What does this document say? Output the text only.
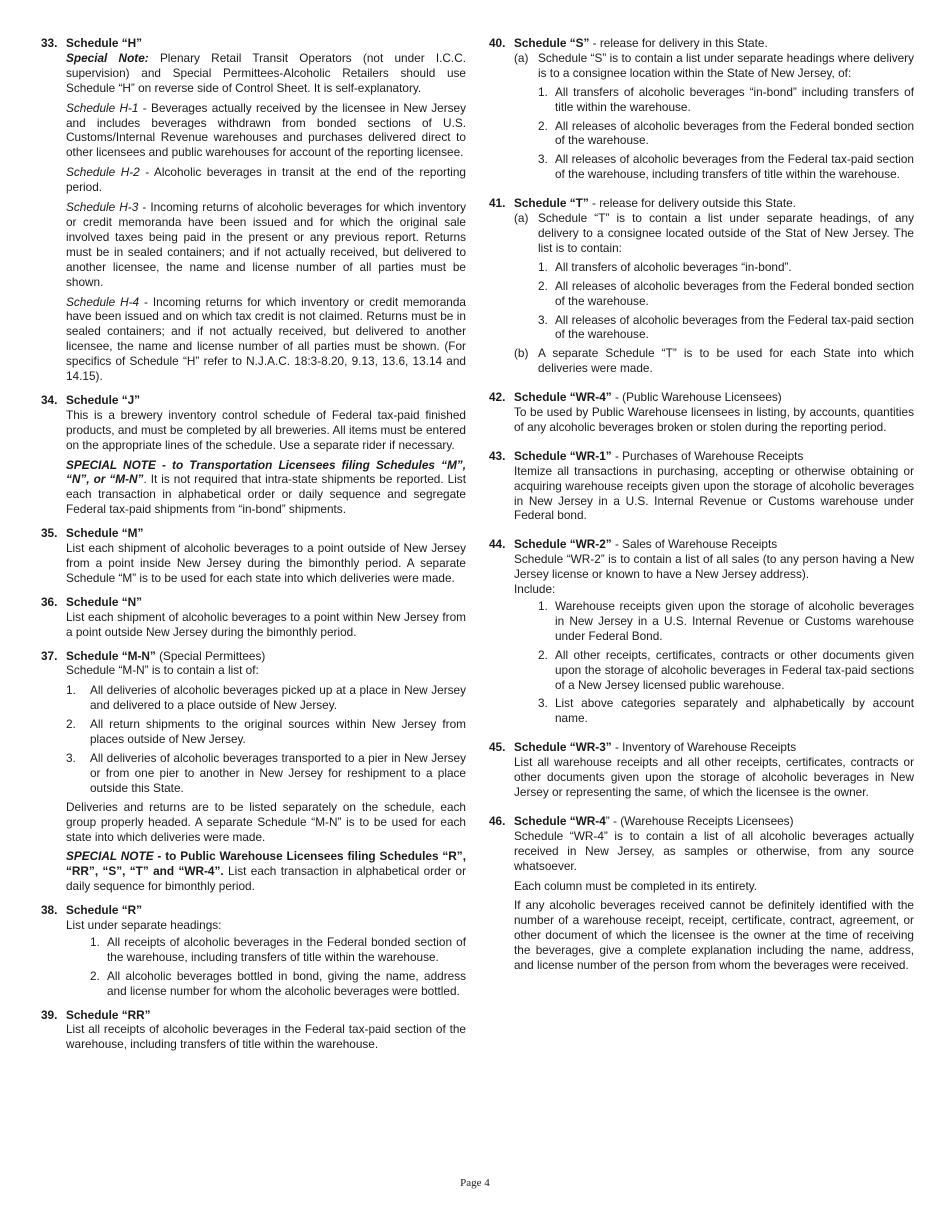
33. Schedule “H”

Special Note: Plenary Retail Transit Operators (not under I.C.C. supervision) and Special Permittees-Alcoholic Retailers should use Schedule “H” on reverse side of Control Sheet. It is self-explanatory.

Schedule H-1 - Beverages actually received by the licensee in New Jersey and includes beverages withdrawn from bonded sections of U.S. Customs/Internal Revenue warehouses and purchases delivered direct to other licensees and public warehouses for account of the reporting licensee.

Schedule H-2 - Alcoholic beverages in transit at the end of the reporting period.

Schedule H-3 - Incoming returns of alcoholic beverages for which inventory or credit memoranda have been issued and for which the original sale involved taxes being paid in the present or any previous report. Returns must be in sealed containers; and if not actually received, but delivered to another licensee, the name and license number of all parties must be shown.

Schedule H-4 - Incoming returns for which inventory or credit memoranda have been issued and on which tax credit is not claimed. Returns must be in sealed containers; and if not actually received, but delivered to another licensee, the name and license number of all parties must be shown. (For specifics of Schedule “H” refer to N.J.A.C. 18:3-8.20, 9.13, 13.6, 13.14 and 14.15).

34. Schedule “J”

This is a brewery inventory control schedule of Federal tax-paid finished products, and must be completed by all breweries. All items must be entered on the appropriate lines of the schedule. Use a separate rider if necessary.

SPECIAL NOTE - to Transportation Licensees filing Schedules “M”, “N”, or “M-N”. It is not required that intra-state shipments be reported. List each transaction in alphabetical order or daily sequence and segregate Federal tax-paid shipments from “in-bond” shipments.

35. Schedule “M”

List each shipment of alcoholic beverages to a point outside of New Jersey from a point inside New Jersey during the bimonthly period. A separate Schedule “M” is to be used for each state into which deliveries were made.

36. Schedule “N”

List each shipment of alcoholic beverages to a point within New Jersey from a point outside New Jersey during the bimonthly period.

37. Schedule “M-N” (Special Permittees)

Schedule “M-N” is to contain a list of:

1. All deliveries of alcoholic beverages picked up at a place in New Jersey and delivered to a place outside of New Jersey.
2. All return shipments to the original sources within New Jersey from places outside of New Jersey.
3. All deliveries of alcoholic beverages transported to a pier in New Jersey or from one pier to another in New Jersey for reshipment to a place outside this State.

Deliveries and returns are to be listed separately on the schedule, each group properly headed. A separate Schedule “M-N” is to be used for each state into which deliveries were made.

SPECIAL NOTE - to Public Warehouse Licensees filing Schedules “R”, “RR”, “S”, “T” and “WR-4”. List each transaction in alphabetical order or daily sequence for bimonthly period.

38. Schedule “R”

List under separate headings:

1. All receipts of alcoholic beverages in the Federal bonded section of the warehouse, including transfers of title within the warehouse.
2. All alcoholic beverages bottled in bond, giving the name, address and license number for whom the alcoholic beverages were bottled.
39. Schedule “RR”

List all receipts of alcoholic beverages in the Federal tax-paid section of the warehouse, including transfers of title within the warehouse.

40. Schedule “S” - release for delivery in this State.
(a) Schedule “S” is to contain a list under separate headings where delivery is to a consignee location within the State of New Jersey, of:
1. All transfers of alcoholic beverages “in-bond” including transfers of title within the warehouse.
2. All releases of alcoholic beverages from the Federal bonded section of the warehouse.
3. All releases of alcoholic beverages from the Federal tax-paid section of the warehouse, including transfers of title within the warehouse.
41. Schedule “T” - release for delivery outside this State.
(a) Schedule “T” is to contain a list under separate headings, of any delivery to a consignee located outside of the Stat of New Jersey. The list is to contain:
1. All transfers of alcoholic beverages “in-bond”.
2. All releases of alcoholic beverages from the Federal bonded section of the warehouse.
3. All releases of alcoholic beverages from the Federal tax-paid section of the warehouse.
(b) A separate Schedule “T” is to be used for each State into which deliveries were made.
42. Schedule “WR-4” - (Public Warehouse Licensees)

To be used by Public Warehouse licensees in listing, by accounts, quantities of any alcoholic beverages broken or stolen during the reporting period.

43. Schedule “WR-1” - Purchases of Warehouse Receipts

Itemize all transactions in purchasing, accepting or otherwise obtaining or acquiring warehouse receipts given upon the storage of alcoholic beverages in New Jersey in a U.S. Internal Revenue or Customs warehouse under Federal bond.

44. Schedule “WR-2” - Sales of Warehouse Receipts

Schedule “WR-2” is to contain a list of all sales (to any person having a New Jersey license or known to have a New Jersey address).

Include:

1. Warehouse receipts given upon the storage of alcoholic beverages in New Jersey in a U.S. Internal Revenue or Customs warehouse under Federal Bond.
2. All other receipts, certificates, contracts or other documents given upon the storage of alcoholic beverages in Federal tax-paid sections of a New Jersey licensed public warehouse.
3. List above categories separately and alphabetically by account name.
45. Schedule “WR-3” - Inventory of Warehouse Receipts

List all warehouse receipts and all other receipts, certificates, contracts or other documents given upon the storage of alcoholic beverages in New Jersey or representing the same, of which the licensee is the owner.

46. Schedule “WR-4” - (Warehouse Receipts Licensees)

Schedule “WR-4” is to contain a list of all alcoholic beverages actually received in New Jersey, as samples or otherwise, from any source whatsoever.

Each column must be completed in its entirety.

If any alcoholic beverages received cannot be definitely identified with the number of a warehouse receipt, receipt, certificate, contract, agreement, or other document of which the licensee is the owner at the time of receiving the beverages, give a complete explanation including the name, address, and license number of the person from whom the beverages were received.

Page 4
